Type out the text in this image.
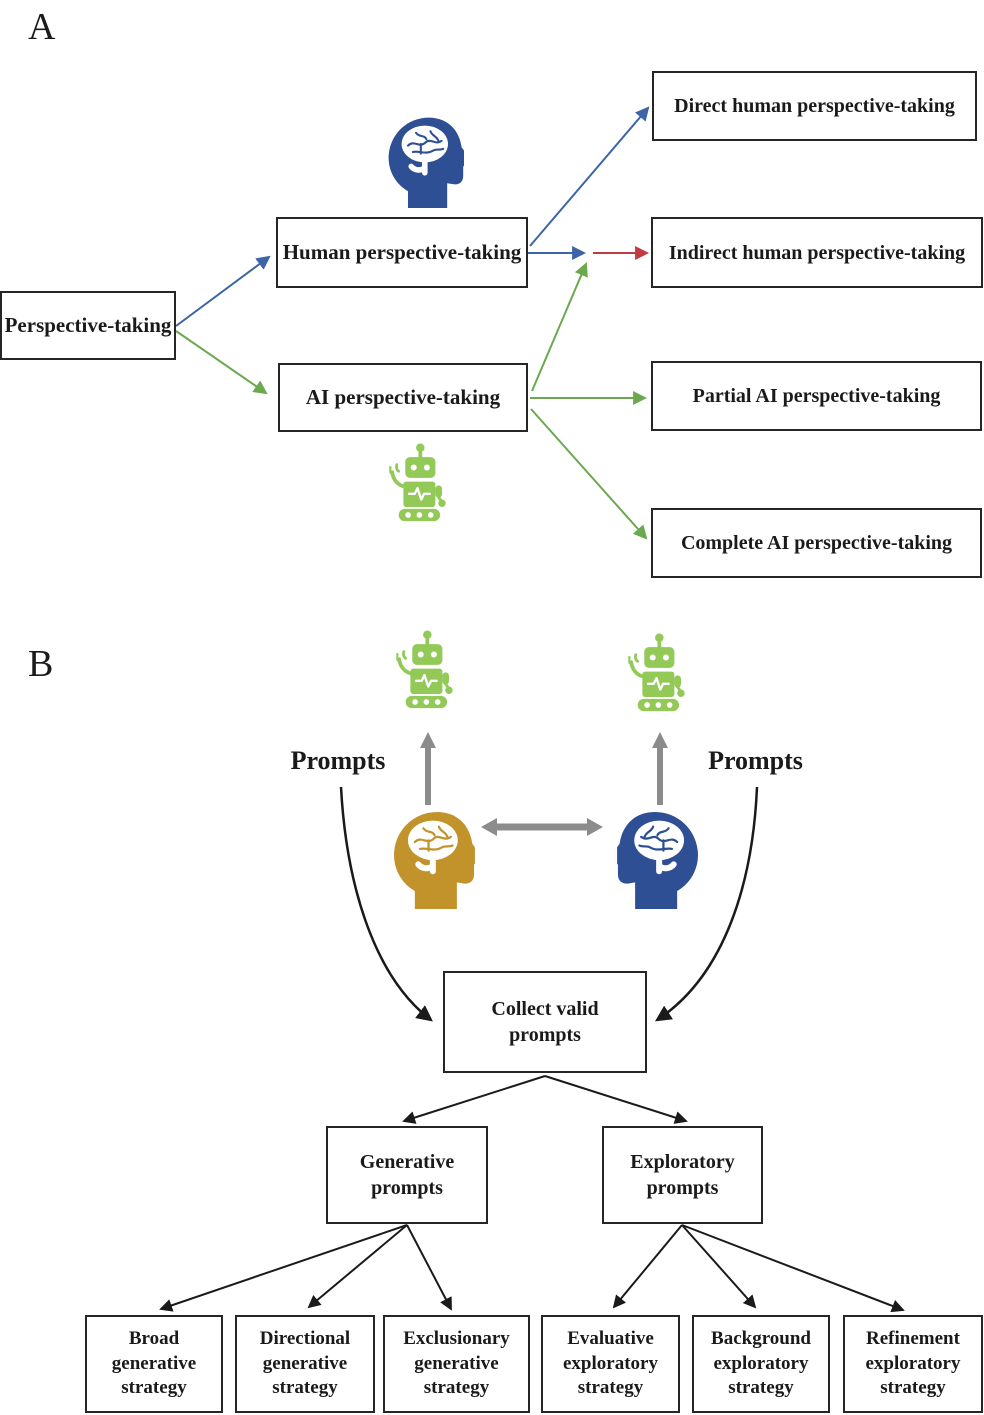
A
B
Perspective-taking
Human perspective-taking
AI perspective-taking
Direct human perspective-taking
Indirect human perspective-taking
Partial AI perspective-taking
Complete AI perspective-taking
Prompts	Prompts
Collect valid prompts
Generative prompts
Exploratory prompts
Broad generative strategy
Directional generative strategy
Exclusionary generative strategy
Evaluative exploratory strategy
Background exploratory strategy
Refinement exploratory strategy
